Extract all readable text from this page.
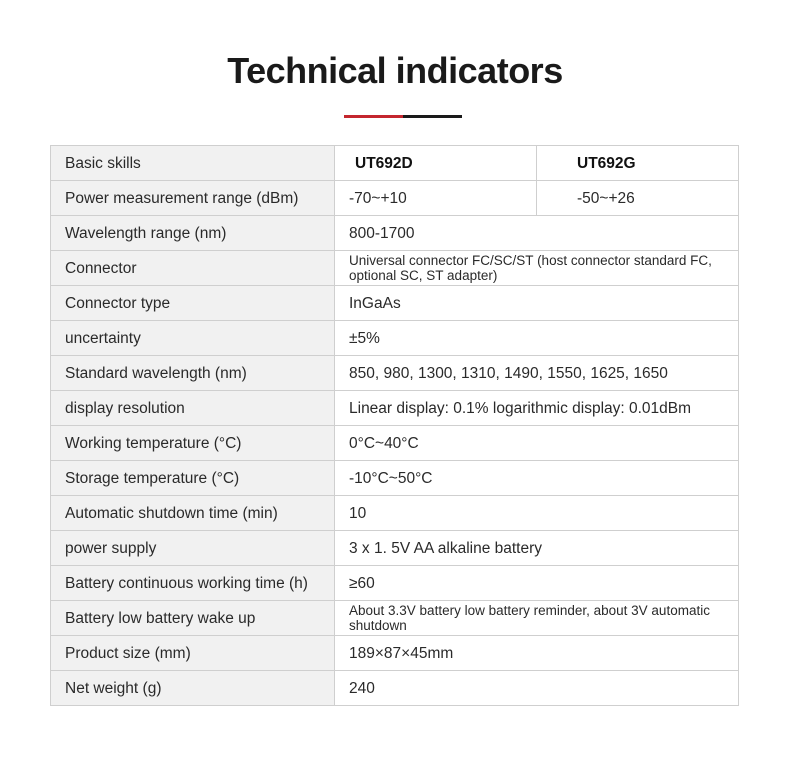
Technical indicators
Basic skills	UT692D	UT692G
Power measurement range (dBm)	-70~+10	-50~+26
Wavelength range (nm)	800-1700	
Connector	Universal connector FC/SC/ST (host connector standard FC, optional SC, ST adapter)	
Connector type	InGaAs	
uncertainty	±5%	
Standard wavelength (nm)	850, 980, 1300, 1310, 1490, 1550, 1625, 1650	
display resolution	Linear display: 0.1% logarithmic display: 0.01dBm	
Working temperature (°C)	0°C~40°C	
Storage temperature (°C)	-10°C~50°C	
Automatic shutdown time (min)	10	
power supply	3 x 1. 5V AA alkaline battery	
Battery continuous working time (h)	≥60	
Battery low battery wake up	About 3.3V battery low battery reminder, about 3V automatic shutdown	
Product size (mm)	189×87×45mm	
Net weight (g)	240	
